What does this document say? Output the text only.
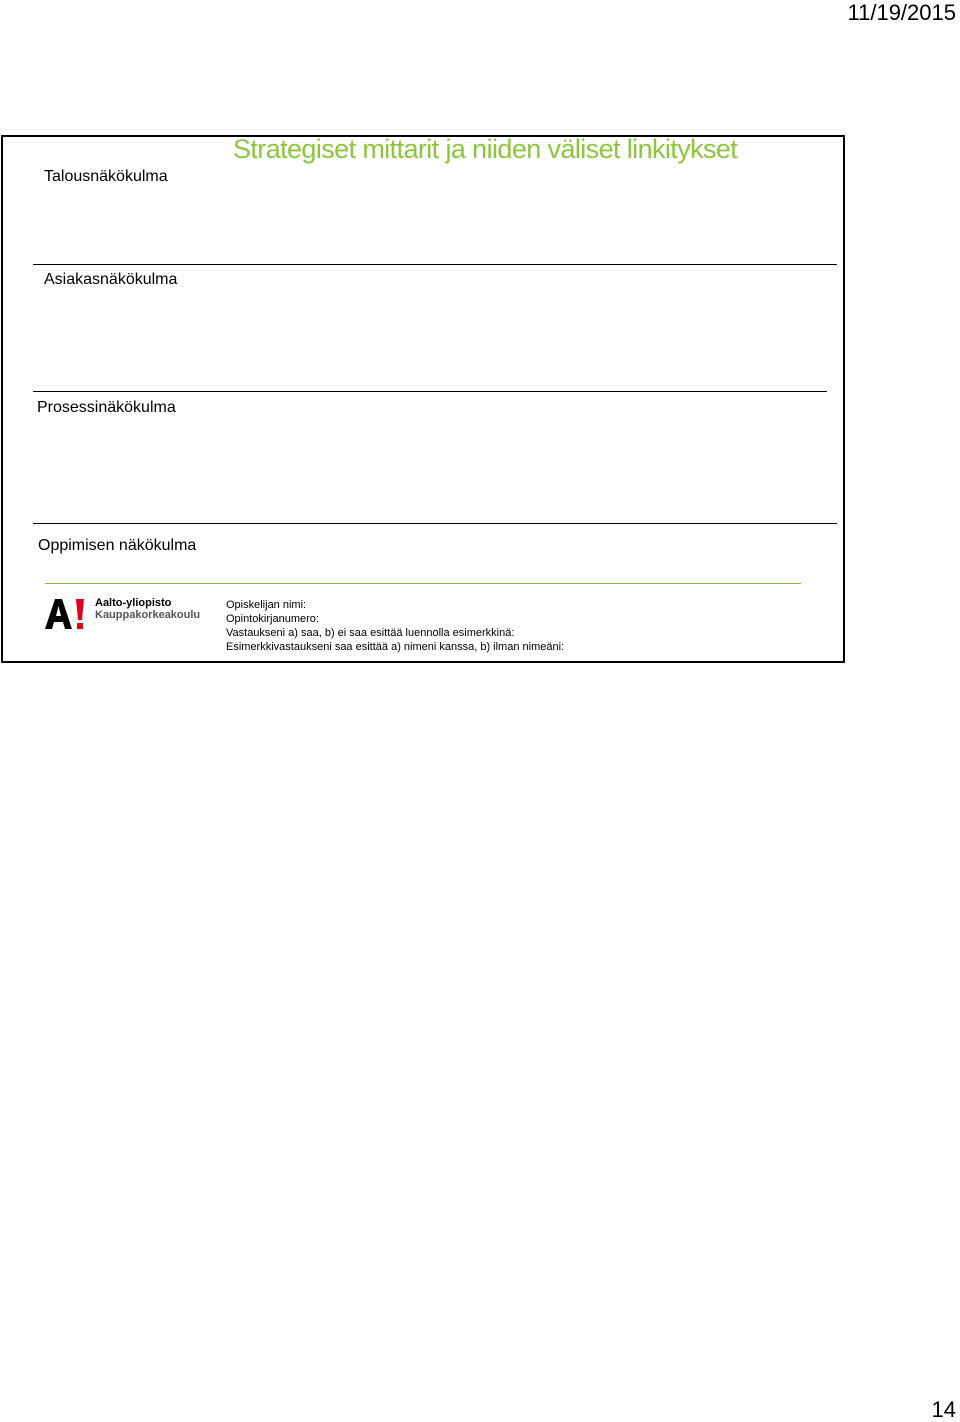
11/19/2015
Strategiset mittarit ja niiden väliset linkitykset
Talousnäkökulma
Asiakasnäkökulma
Prosessinäkökulma
Oppimisen näkökulma
Aalto-yliopisto
Kauppakorkeakoulu
Opiskelijan nimi:
Opintokirjanumero:
Vastaukseni a) saa, b) ei saa esittää luennolla esimerkkinä:
Esimerkkivastaukseni saa esittää a) nimeni kanssa, b) ilman nimeäni:
14
